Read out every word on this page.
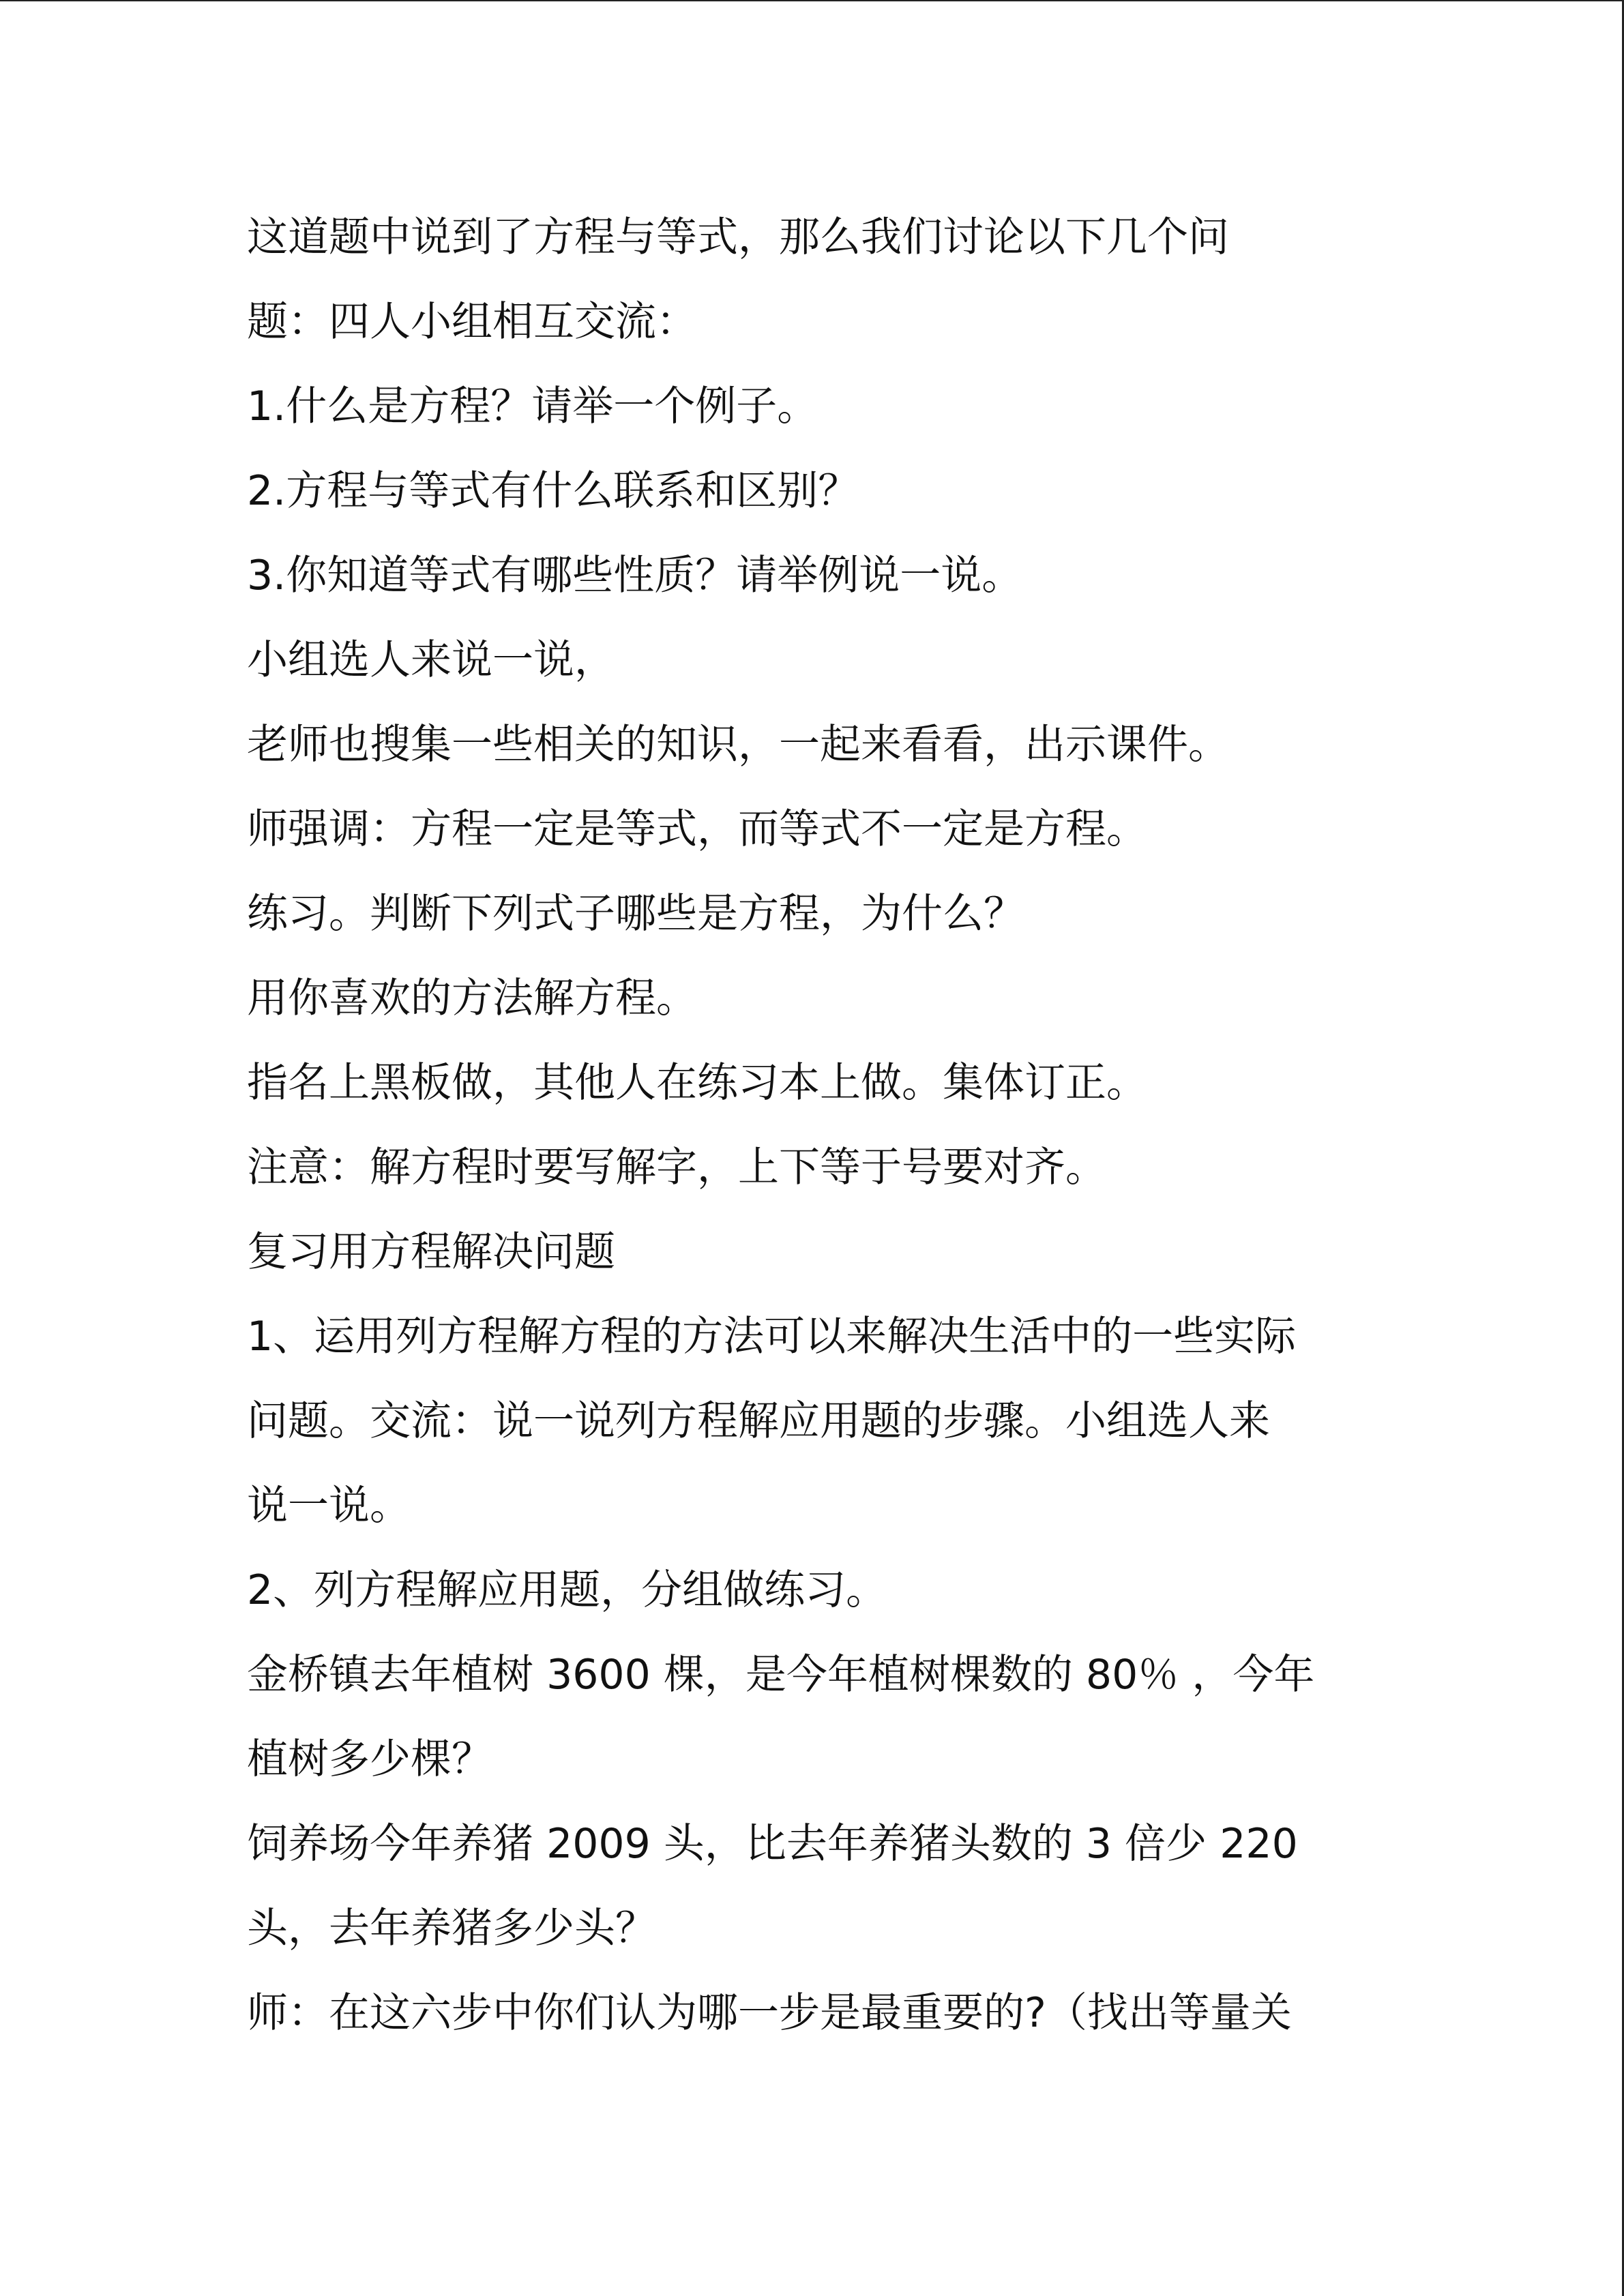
这道题中说到了方程与等式，那么我们讨论以下几个问
题：四人小组相互交流：
1.什么是方程？请举一个例子。
2.方程与等式有什么联系和区别？
3.你知道等式有哪些性质？请举例说一说。
小组选人来说一说，
老师也搜集一些相关的知识，一起来看看，出示课件。
师强调：方程一定是等式，而等式不一定是方程。
练习。判断下列式子哪些是方程，为什么？
用你喜欢的方法解方程。
指名上黑板做，其他人在练习本上做。集体订正。
注意：解方程时要写解字，上下等于号要对齐。
复习用方程解决问题
1、运用列方程解方程的方法可以来解决生活中的一些实际
问题。交流：说一说列方程解应用题的步骤。小组选人来
说一说。
2、列方程解应用题，分组做练习。
金桥镇去年植树 3600 棵，是今年植树棵数的 80％ ，今年
植树多少棵？
饲养场今年养猪 2009 头，比去年养猪头数的 3 倍少 220
头，去年养猪多少头？
师：在这六步中你们认为哪一步是最重要的?（找出等量关
